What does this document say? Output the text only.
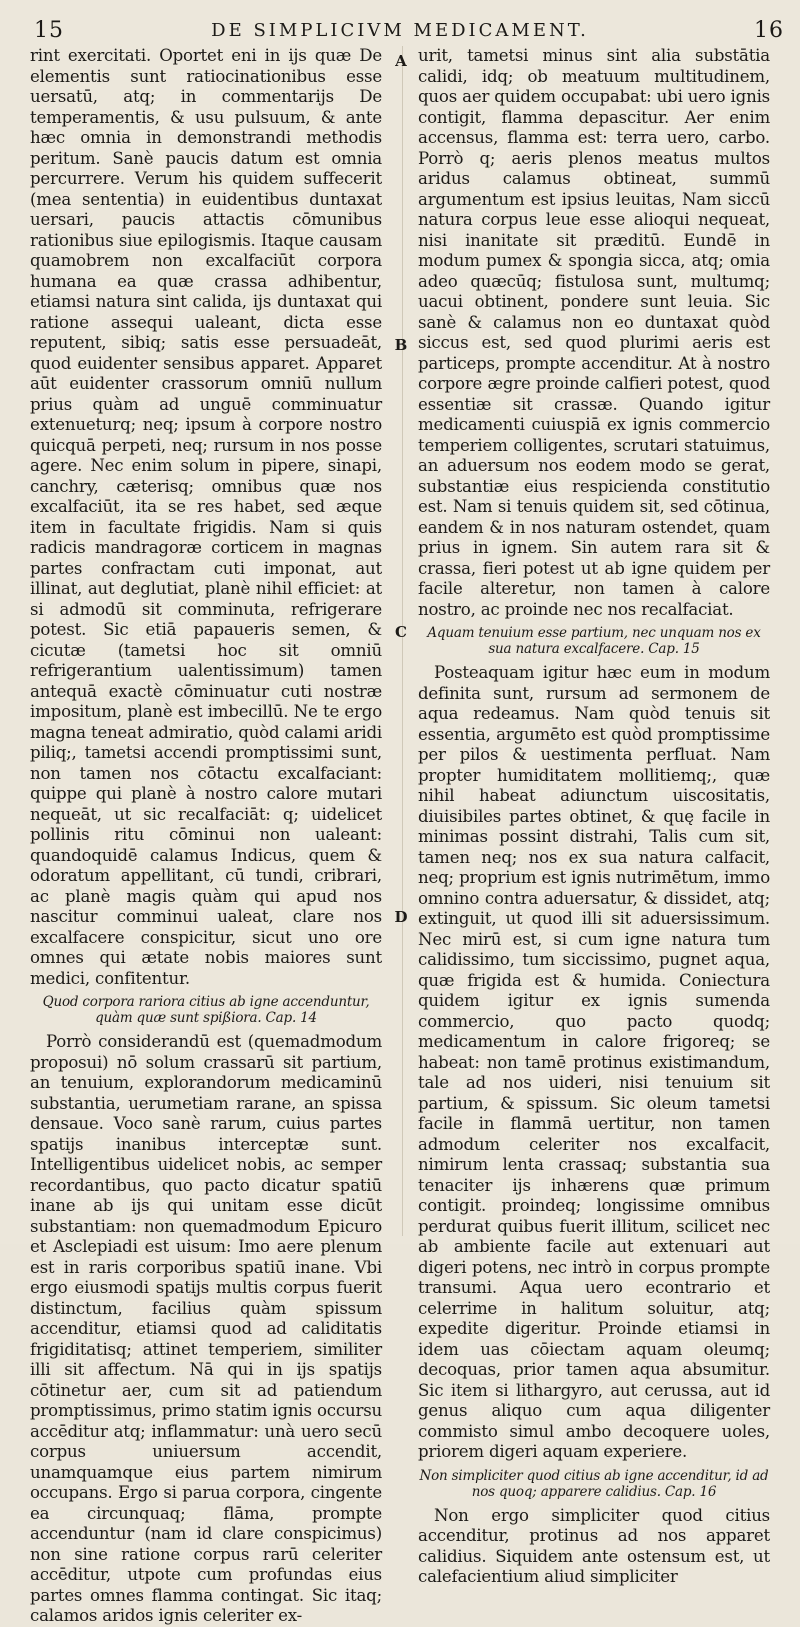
15	DE SIMPLICIVM MEDICAMENT.	16
A
B
C
D

rint exercitati. Oportet eni in ijs quæ De elementis sunt ratiocinationibus esse uersatū, atq; in commentarijs De temperamentis, & usu pulsuum, & ante hæc omnia in demonstrandi methodis peritum. Sanè paucis datum est omnia percurrere. Verum his quidem suffecerit (mea sententia) in euidentibus duntaxat uersari, paucis attactis cōmunibus rationibus siue epilogismis. Itaque causam quamobrem non excalfaciūt corpora humana ea quæ crassa adhibentur, etiamsi natura sint calida, ijs duntaxat qui ratione assequi ualeant, dicta esse reputent, sibiq; satis esse persuadeāt, quod euidenter sensibus apparet. Apparet aūt euidenter crassorum omniū nullum prius quàm ad unguē comminuatur extenueturq; neq; ipsum à corpore nostro quicquā perpeti, neq; rursum in nos posse agere. Nec enim solum in pipere, sinapi, canchry, cæterisq; omnibus quæ nos excalfaciūt, ita se res habet, sed æque item in facultate frigidis. Nam si quis radicis mandragoræ corticem in magnas partes confractam cuti imponat, aut illinat, aut deglutiat, planè nihil efficiet: at si admodū sit comminuta, refrigerare potest. Sic etiā papaueris semen, & cicutæ (tametsi hoc sit omniū refrigerantium ualentissimum) tamen antequā exactè cōminuatur cuti nostræ impositum, planè est imbecillū. Ne te ergo magna teneat admiratio, quòd calami aridi piliq;, tametsi accendi promptissimi sunt, non tamen nos cōtactu excalfaciant: quippe qui planè à nostro calore mutari nequeāt, ut sic recalfaciāt: q; uidelicet pollinis ritu cōminui non ualeant: quandoquidē calamus Indicus, quem & odoratum appellitant, cū tundi, cribrari, ac planè magis quàm qui apud nos nascitur comminui ualeat, clare nos excalfacere conspicitur, sicut uno ore omnes qui ætate nobis maiores sunt medici, confitentur.

Quod corpora rariora citius ab igne accenduntur, quàm quæ sunt spißiora. Cap. 14

Porrò considerandū est (quemadmodum proposui) nō solum crassarū sit partium, an tenuium, explorandorum medicaminū substantia, uerumetiam rarane, an spissa densaue. Voco sanè rarum, cuius partes spatijs inanibus interceptæ sunt. Intelligentibus uidelicet nobis, ac semper recordantibus, quo pacto dicatur spatiū inane ab ijs qui unitam esse dicūt substantiam: non quemadmodum Epicuro et Asclepiadi est uisum: Imo aere plenum est in raris corporibus spatiū inane. Vbi ergo eiusmodi spatijs multis corpus fuerit distinctum, facilius quàm spissum accenditur, etiamsi quod ad caliditatis frigiditatisq; attinet temperiem, similiter illi sit affectum. Nā qui in ijs spatijs cōtinetur aer, cum sit ad patiendum promptissimus, primo statim ignis occursu accēditur atq; inflammatur: unà uero secū corpus uniuersum accendit, unamquamque eius partem nimirum occupans. Ergo si parua corpora, cingente ea circunquaq; flāma, prompte accenduntur (nam id clare conspicimus) non sine ratione corpus rarū celeriter accēditur, utpote cum profundas eius partes omnes flamma contingat. Sic itaq; calamos aridos ignis celeriter ex-

urit, tametsi minus sint alia substātia calidi, idq; ob meatuum multitudinem, quos aer quidem occupabat: ubi uero ignis contigit, flamma depascitur. Aer enim accensus, flamma est: terra uero, carbo. Porrò q; aeris plenos meatus multos aridus calamus obtineat, summū argumentum est ipsius leuitas, Nam siccū natura corpus leue esse alioqui nequeat, nisi inanitate sit præditū. Eundē in modum pumex & spongia sicca, atq; omia adeo quæcūq; fistulosa sunt, multumq; uacui obtinent, pondere sunt leuia. Sic sanè & calamus non eo duntaxat quòd siccus est, sed quod plurimi aeris est particeps, prompte accenditur. At à nostro corpore ægre proinde calfieri potest, quod essentiæ sit crassæ. Quando igitur medicamenti cuiuspiā ex ignis commercio temperiem colligentes, scrutari statuimus, an aduersum nos eodem modo se gerat, substantiæ eius respicienda constitutio est. Nam si tenuis quidem sit, sed cōtinua, eandem & in nos naturam ostendet, quam prius in ignem. Sin autem rara sit & crassa, fieri potest ut ab igne quidem per facile alteretur, non tamen à calore nostro, ac proinde nec nos recalfaciat.

Aquam tenuium esse partium, nec unquam nos ex sua natura excalfacere. Cap. 15

Posteaquam igitur hæc eum in modum definita sunt, rursum ad sermonem de aqua redeamus. Nam quòd tenuis sit essentia, argumēto est quòd promptissime per pilos & uestimenta perfluat. Nam propter humiditatem mollitiemq;, quæ nihil habeat adiunctum uiscositatis, diuisibiles partes obtinet, & quę facile in minimas possint distrahi, Talis cum sit, tamen neq; nos ex sua natura calfacit, neq; proprium est ignis nutrimētum, immo omnino contra aduersatur, & dissidet, atq; extinguit, ut quod illi sit aduersissimum. Nec mirū est, si cum igne natura tum calidissimo, tum siccissimo, pugnet aqua, quæ frigida est & humida. Coniectura quidem igitur ex ignis sumenda commercio, quo pacto quodq; medicamentum in calore frigoreq; se habeat: non tamē protinus existimandum, tale ad nos uideri, nisi tenuium sit partium, & spissum. Sic oleum tametsi facile in flammā uertitur, non tamen admodum celeriter nos excalfacit, nimirum lenta crassaq; substantia sua tenaciter ijs inhærens quæ primum contigit. proindeq; longissime omnibus perdurat quibus fuerit illitum, scilicet nec ab ambiente facile aut extenuari aut digeri potens, nec intrò in corpus prompte transumi. Aqua uero econtrario et celerrime in halitum soluitur, atq; expedite digeritur. Proinde etiamsi in idem uas cōiectam aquam oleumq; decoquas, prior tamen aqua absumitur. Sic item si lithargyro, aut cerussa, aut id genus aliquo cum aqua diligenter commisto simul ambo decoquere uoles, priorem digeri aquam experiere.

Non simpliciter quod citius ab igne accenditur, id ad nos quoq; apparere calidius. Cap. 16

Non ergo simpliciter quod citius accenditur, protinus ad nos apparet calidius. Siquidem ante ostensum est, ut calefacientium aliud simpliciter
